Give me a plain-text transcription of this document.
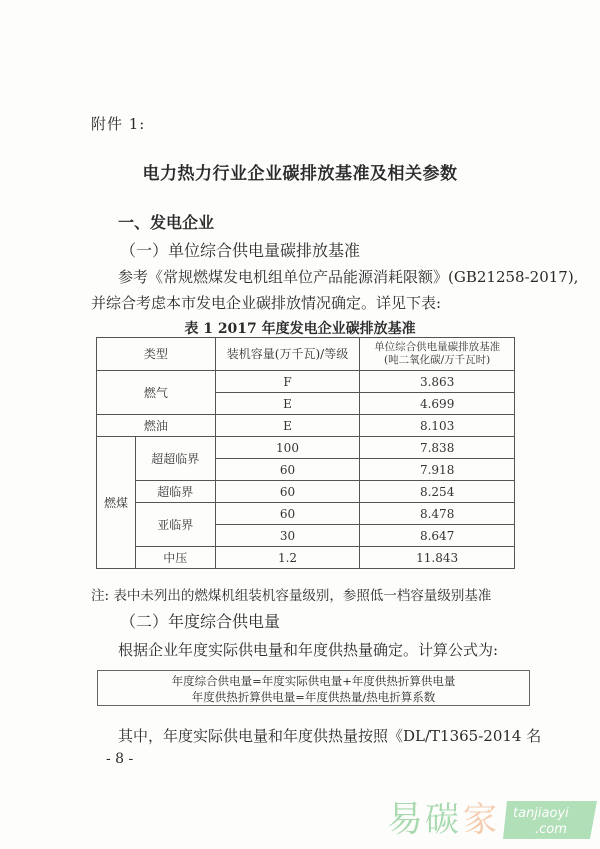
附件 1:
电力热力行业企业碳排放基准及相关参数
一、发电企业
（一）单位综合供电量碳排放基准
参考《常规燃煤发电机组单位产品能源消耗限额》(GB21258-2017),
并综合考虑本市发电企业碳排放情况确定。详见下表:
表 1 2017 年度发电企业碳排放基准
类型		装机容量(万千瓦)/等级	单位综合供电量碳排放基准
(吨二氧化碳/万千瓦时)

燃气		F	3.863
		E	4.699
燃油		E	8.103
燃煤	超超临界	100	7.838
		60	7.918
	超临界	60	8.254
	亚临界	60	8.478
		30	8.647
	中压	1.2	11.843
注: 表中未列出的燃煤机组装机容量级别，参照低一档容量级别基准
（二）年度综合供电量
根据企业年度实际供电量和年度供热量确定。计算公式为:
年度综合供电量=年度实际供电量+年度供热折算供电量
年度供热折算供电量=年度供热量/热电折算系数
其中，年度实际供电量和年度供热量按照《DL/T1365-2014 名
- 8 -
易 碳 家 tanjiaoyi
.com
